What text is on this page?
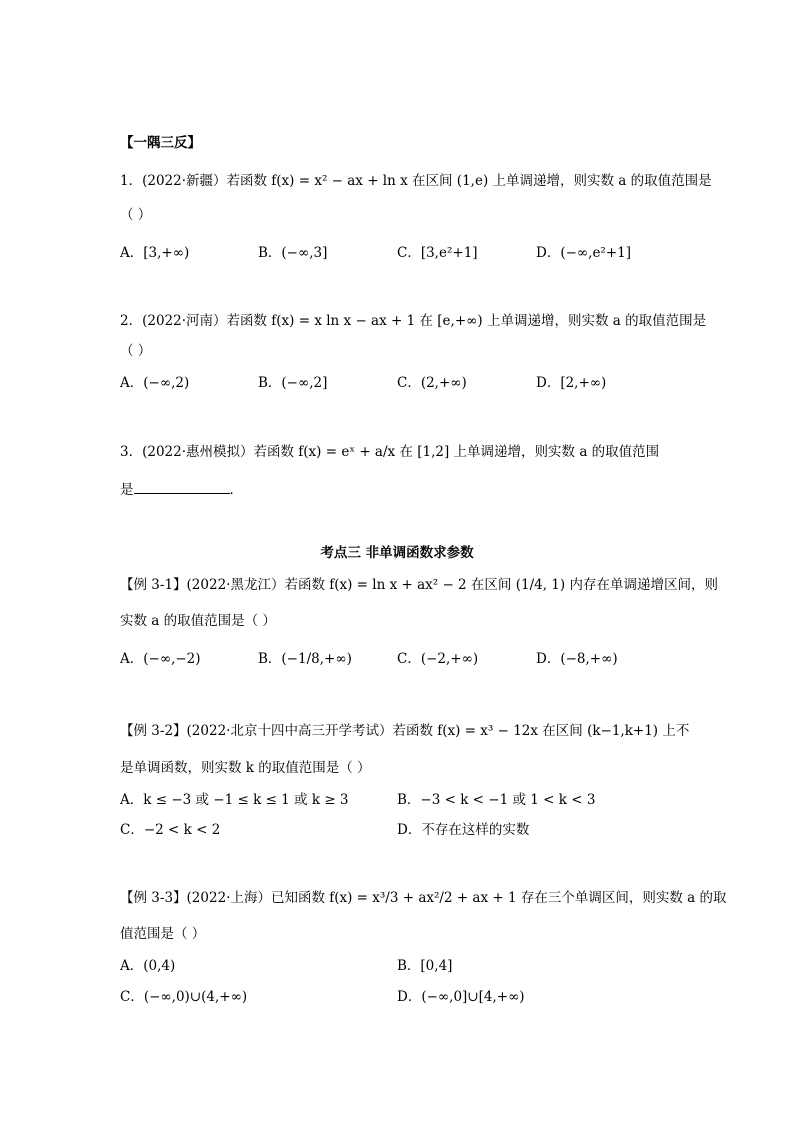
【一隅三反】
1．(2022·新疆）若函数 f(x) = x² − ax + ln x 在区间 (1,e) 上单调递增，则实数 a 的取值范围是
（ ）
A．[3,+∞)	B．(−∞,3]	C．[3,e²+1]	D．(−∞,e²+1]
2．(2022·河南）若函数 f(x) = x ln x − ax + 1 在 [e,+∞) 上单调递增，则实数 a 的取值范围是
（ ）
A．(−∞,2)	B．(−∞,2]	C．(2,+∞)	D．[2,+∞)
3．(2022·惠州模拟）若函数 f(x) = eˣ + a/x 在 [1,2] 上单调递增，则实数 a 的取值范围
是	．
考点三 非单调函数求参数
【例 3-1】(2022·黑龙江）若函数 f(x) = ln x + ax² − 2 在区间 (1/4, 1) 内存在单调递增区间，则
实数 a 的取值范围是（ ）
A．(−∞,−2)	B．(−1/8,+∞)	C．(−2,+∞)	D．(−8,+∞)
【例 3-2】(2022·北京十四中高三开学考试）若函数 f(x) = x³ − 12x 在区间 (k−1,k+1) 上不
是单调函数，则实数 k 的取值范围是（ ）
A．k ≤ −3 或 −1 ≤ k ≤ 1 或 k ≥ 3	B．−3 < k < −1 或 1 < k < 3
C．−2 < k < 2	D．不存在这样的实数
【例 3-3】(2022·上海）已知函数 f(x) = x³/3 + ax²/2 + ax + 1 存在三个单调区间，则实数 a 的取
值范围是（ ）
A．(0,4)	B．[0,4]
C．(−∞,0)∪(4,+∞)	D．(−∞,0]∪[4,+∞)
